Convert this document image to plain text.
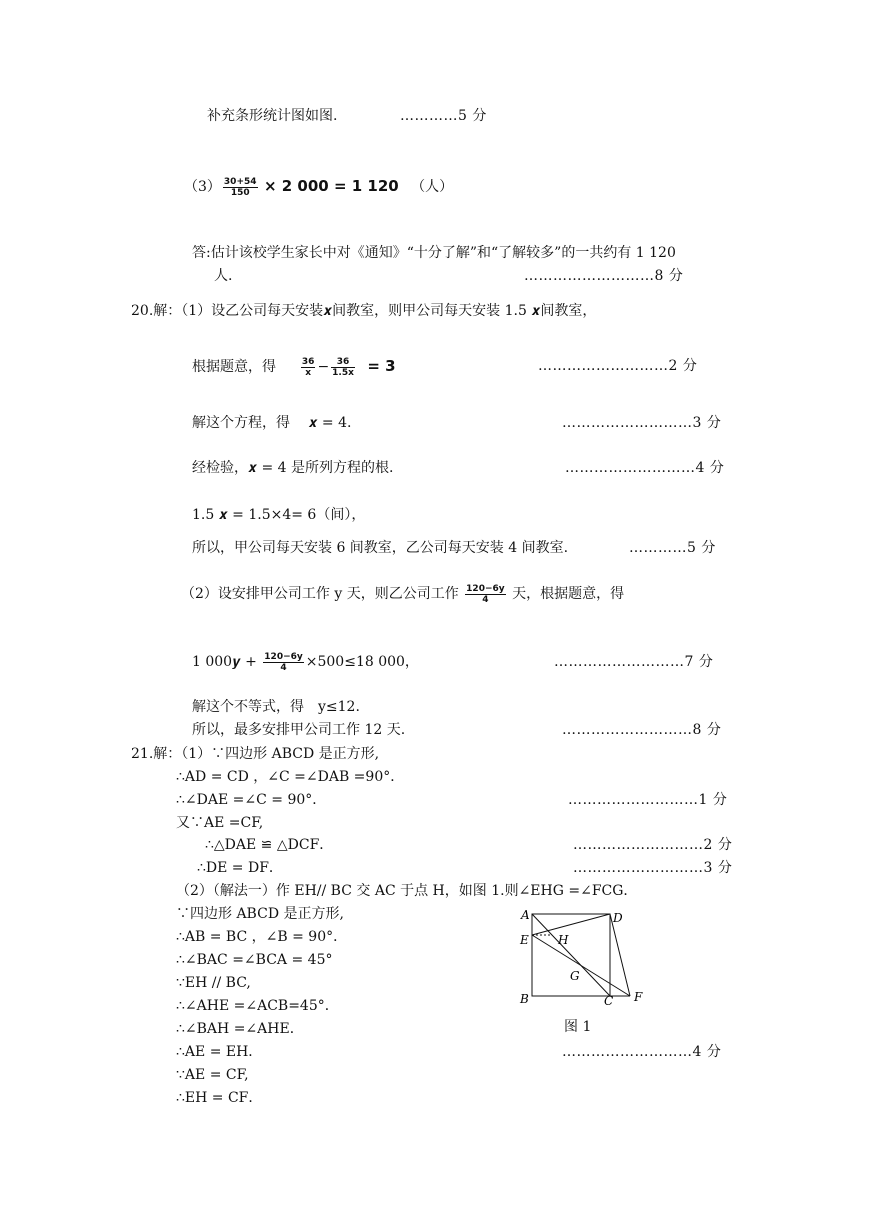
补充条形统计图如图.	…………5 分
$(3) \frac{30+54}{150} \times 2$ 000 = 1 120 （人）
答:估计该校学生家长中对《通知》“十分了解”和“了解较多”的一共约有 1 120
人.	………………………8 分
20.解：（1）设乙公司每天安装𝒙间教室，则甲公司每天安装 1.5 𝒙间教室，
根据题意，得	$\frac{36}{x} - \frac{36}{1.5x} = 3$	………………………2 分
解这个方程，得　 𝒙 = 4.	………………………3 分
经检验，𝒙 = 4 是所列方程的根.	………………………4 分
1.5 𝒙 = 1.5×4= 6（间），
所以，甲公司每天安装 6 间教室，乙公司每天安装 4 间教室.	…………5 分
（2）设安排甲公司工作 y 天，则乙公司工作 $\frac{120-6y}{4}$ 天，根据题意，得
1 000𝒚 + $\frac{120-6y}{4} \times 500\le 18$ 000，	………………………7 分
解这个不等式，得　y≤12.
所以，最多安排甲公司工作 12 天.	………………………8 分
21.解：（1）∵四边形 ABCD 是正方形,
∴AD = CD ，∠C =∠DAB =90°．
∴∠DAE =∠C = 90°．	………………………1 分
又∵AE =CF,
∴△DAE ≌ △DCF．	………………………2 分
∴DE = DF．	………………………3 分
（2）（解法一）作 EH// BC 交 AC 于点 H，如图 1.则∠EHG =∠FCG．
∵四边形 ABCD 是正方形,
∴AB = BC ，∠B = 90°．
∴∠BAC =∠BCA = 45°
∵EH // BC,
∴∠AHE =∠ACB=45°．
∴∠BAH =∠AHE．
∴AE = EH．	………………………4 分
∵AE = CF,
∴EH = CF．
A	D
E H
G
B	C F
图 1
